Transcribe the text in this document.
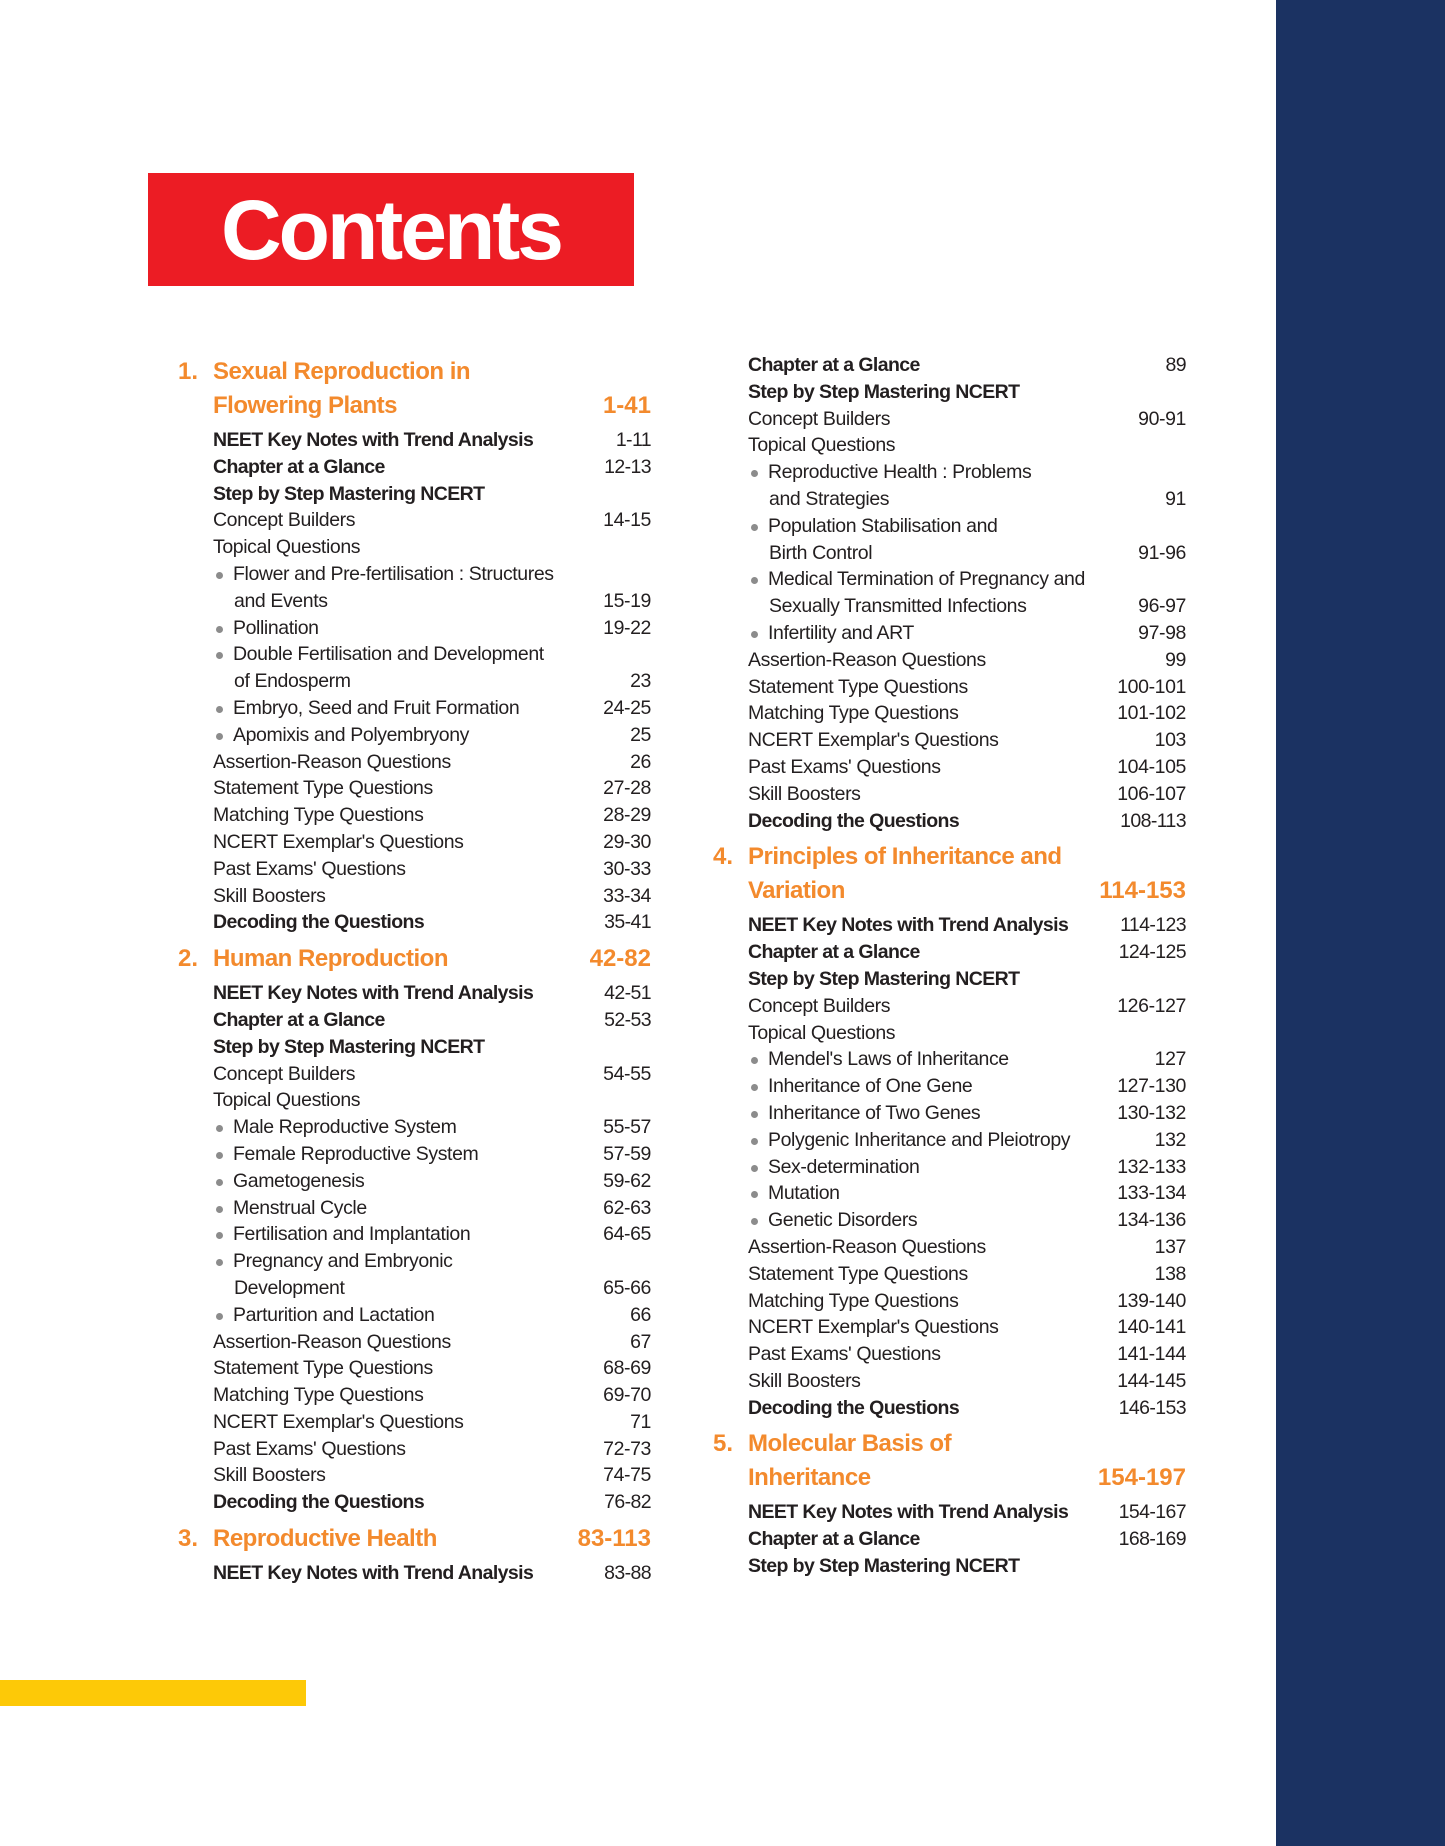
Contents
1. Sexual Reproduction in
Flowering Plants	1-41
NEET Key Notes with Trend Analysis	1-11
Chapter at a Glance	12-13
Step by Step Mastering NCERT
Concept Builders	14-15
Topical Questions
Flower and Pre-fertilisation : Structures
and Events	15-19
Pollination	19-22
Double Fertilisation and Development
of Endosperm	23
Embryo, Seed and Fruit Formation	24-25
Apomixis and Polyembryony	25
Assertion-Reason Questions	26
Statement Type Questions	27-28
Matching Type Questions	28-29
NCERT Exemplar's Questions	29-30
Past Exams' Questions	30-33
Skill Boosters	33-34
Decoding the Questions	35-41
2. Human Reproduction	42-82
NEET Key Notes with Trend Analysis	42-51
Chapter at a Glance	52-53
Step by Step Mastering NCERT
Concept Builders	54-55
Topical Questions
Male Reproductive System	55-57
Female Reproductive System	57-59
Gametogenesis	59-62
Menstrual Cycle	62-63
Fertilisation and Implantation	64-65
Pregnancy and Embryonic
Development	65-66
Parturition and Lactation	66
Assertion-Reason Questions	67
Statement Type Questions	68-69
Matching Type Questions	69-70
NCERT Exemplar's Questions	71
Past Exams' Questions	72-73
Skill Boosters	74-75
Decoding the Questions	76-82
3. Reproductive Health	83-113
NEET Key Notes with Trend Analysis	83-88
Chapter at a Glance	89
Step by Step Mastering NCERT
Concept Builders	90-91
Topical Questions
Reproductive Health : Problems
and Strategies	91
Population Stabilisation and
Birth Control	91-96
Medical Termination of Pregnancy and
Sexually Transmitted Infections	96-97
Infertility and ART	97-98
Assertion-Reason Questions	99
Statement Type Questions	100-101
Matching Type Questions	101-102
NCERT Exemplar's Questions	103
Past Exams' Questions	104-105
Skill Boosters	106-107
Decoding the Questions	108-113
4. Principles of Inheritance and
Variation	114-153
NEET Key Notes with Trend Analysis	114-123
Chapter at a Glance	124-125
Step by Step Mastering NCERT
Concept Builders	126-127
Topical Questions
Mendel's Laws of Inheritance	127
Inheritance of One Gene	127-130
Inheritance of Two Genes	130-132
Polygenic Inheritance and Pleiotropy	132
Sex-determination	132-133
Mutation	133-134
Genetic Disorders	134-136
Assertion-Reason Questions	137
Statement Type Questions	138
Matching Type Questions	139-140
NCERT Exemplar's Questions	140-141
Past Exams' Questions	141-144
Skill Boosters	144-145
Decoding the Questions	146-153
5. Molecular Basis of
Inheritance	154-197
NEET Key Notes with Trend Analysis	154-167
Chapter at a Glance	168-169
Step by Step Mastering NCERT
